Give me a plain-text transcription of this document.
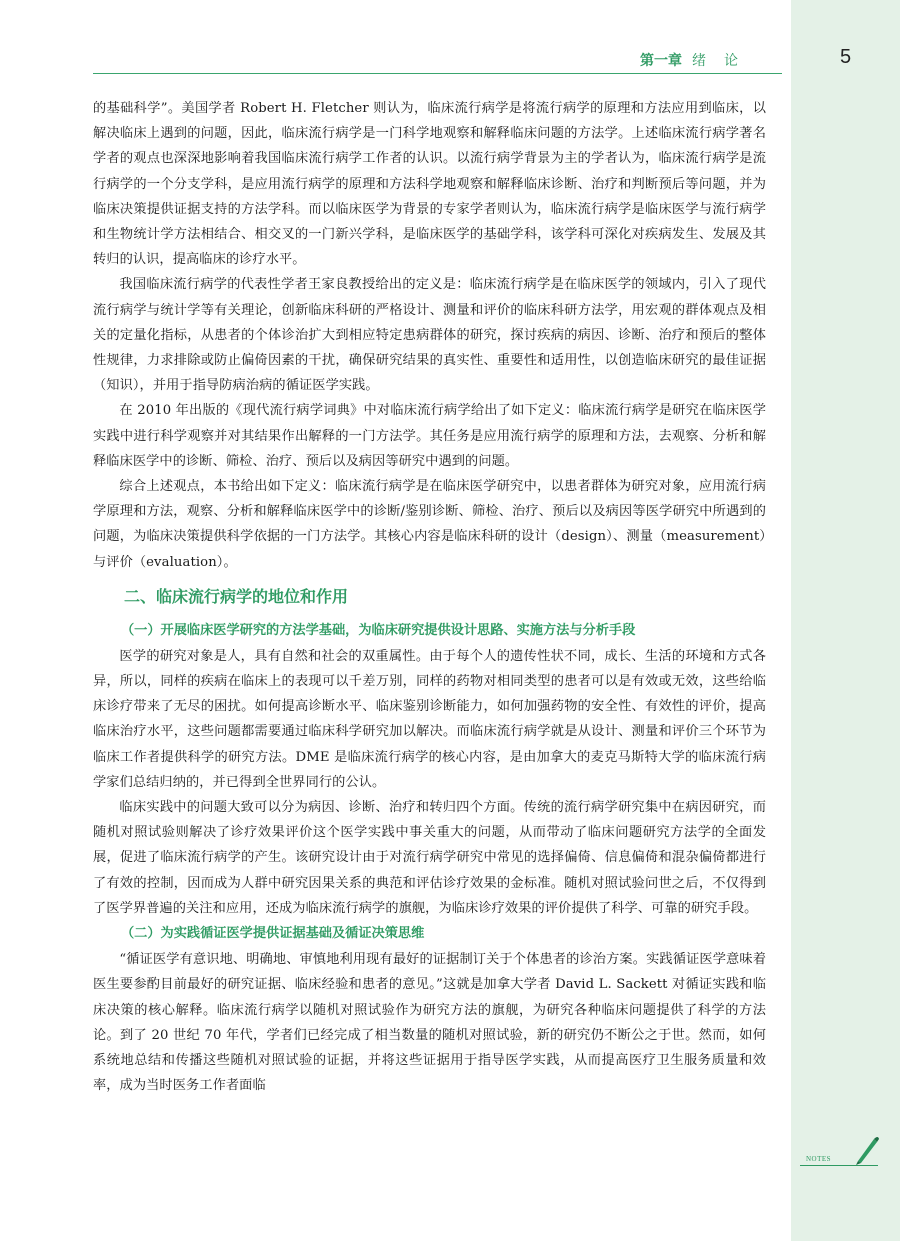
5
第一章 绪论

的基础科学”。美国学者 Robert H. Fletcher 则认为，临床流行病学是将流行病学的原理和方法应用到临床，以解决临床上遇到的问题，因此，临床流行病学是一门科学地观察和解释临床问题的方法学。上述临床流行病学著名学者的观点也深深地影响着我国临床流行病学工作者的认识。以流行病学背景为主的学者认为，临床流行病学是流行病学的一个分支学科，是应用流行病学的原理和方法科学地观察和解释临床诊断、治疗和判断预后等问题，并为临床决策提供证据支持的方法学科。而以临床医学为背景的专家学者则认为，临床流行病学是临床医学与流行病学和生物统计学方法相结合、相交叉的一门新兴学科，是临床医学的基础学科，该学科可深化对疾病发生、发展及其转归的认识，提高临床的诊疗水平。

我国临床流行病学的代表性学者王家良教授给出的定义是：临床流行病学是在临床医学的领域内，引入了现代流行病学与统计学等有关理论，创新临床科研的严格设计、测量和评价的临床科研方法学，用宏观的群体观点及相关的定量化指标，从患者的个体诊治扩大到相应特定患病群体的研究，探讨疾病的病因、诊断、治疗和预后的整体性规律，力求排除或防止偏倚因素的干扰，确保研究结果的真实性、重要性和适用性，以创造临床研究的最佳证据（知识），并用于指导防病治病的循证医学实践。

在 2010 年出版的《现代流行病学词典》中对临床流行病学给出了如下定义：临床流行病学是研究在临床医学实践中进行科学观察并对其结果作出解释的一门方法学。其任务是应用流行病学的原理和方法，去观察、分析和解释临床医学中的诊断、筛检、治疗、预后以及病因等研究中遇到的问题。

综合上述观点，本书给出如下定义：临床流行病学是在临床医学研究中，以患者群体为研究对象，应用流行病学原理和方法，观察、分析和解释临床医学中的诊断/鉴别诊断、筛检、治疗、预后以及病因等医学研究中所遇到的问题，为临床决策提供科学依据的一门方法学。其核心内容是临床科研的设计（design）、测量（measurement）与评价（evaluation）。

二、临床流行病学的地位和作用
（一）开展临床医学研究的方法学基础，为临床研究提供设计思路、实施方法与分析手段

医学的研究对象是人，具有自然和社会的双重属性。由于每个人的遗传性状不同，成长、生活的环境和方式各异，所以，同样的疾病在临床上的表现可以千差万别，同样的药物对相同类型的患者可以是有效或无效，这些给临床诊疗带来了无尽的困扰。如何提高诊断水平、临床鉴别诊断能力，如何加强药物的安全性、有效性的评价，提高临床治疗水平，这些问题都需要通过临床科学研究加以解决。而临床流行病学就是从设计、测量和评价三个环节为临床工作者提供科学的研究方法。DME 是临床流行病学的核心内容，是由加拿大的麦克马斯特大学的临床流行病学家们总结归纳的，并已得到全世界同行的公认。

临床实践中的问题大致可以分为病因、诊断、治疗和转归四个方面。传统的流行病学研究集中在病因研究，而随机对照试验则解决了诊疗效果评价这个医学实践中事关重大的问题，从而带动了临床问题研究方法学的全面发展，促进了临床流行病学的产生。该研究设计由于对流行病学研究中常见的选择偏倚、信息偏倚和混杂偏倚都进行了有效的控制，因而成为人群中研究因果关系的典范和评估诊疗效果的金标准。随机对照试验问世之后，不仅得到了医学界普遍的关注和应用，还成为临床流行病学的旗舰，为临床诊疗效果的评价提供了科学、可靠的研究手段。

（二）为实践循证医学提供证据基础及循证决策思维

“循证医学有意识地、明确地、审慎地利用现有最好的证据制订关于个体患者的诊治方案。实践循证医学意味着医生要参酌目前最好的研究证据、临床经验和患者的意见。”这就是加拿大学者 David L. Sackett 对循证实践和临床决策的核心解释。临床流行病学以随机对照试验作为研究方法的旗舰，为研究各种临床问题提供了科学的方法论。到了 20 世纪 70 年代，学者们已经完成了相当数量的随机对照试验，新的研究仍不断公之于世。然而，如何系统地总结和传播这些随机对照试验的证据，并将这些证据用于指导医学实践，从而提高医疗卫生服务质量和效率，成为当时医务工作者面临

NOTES
